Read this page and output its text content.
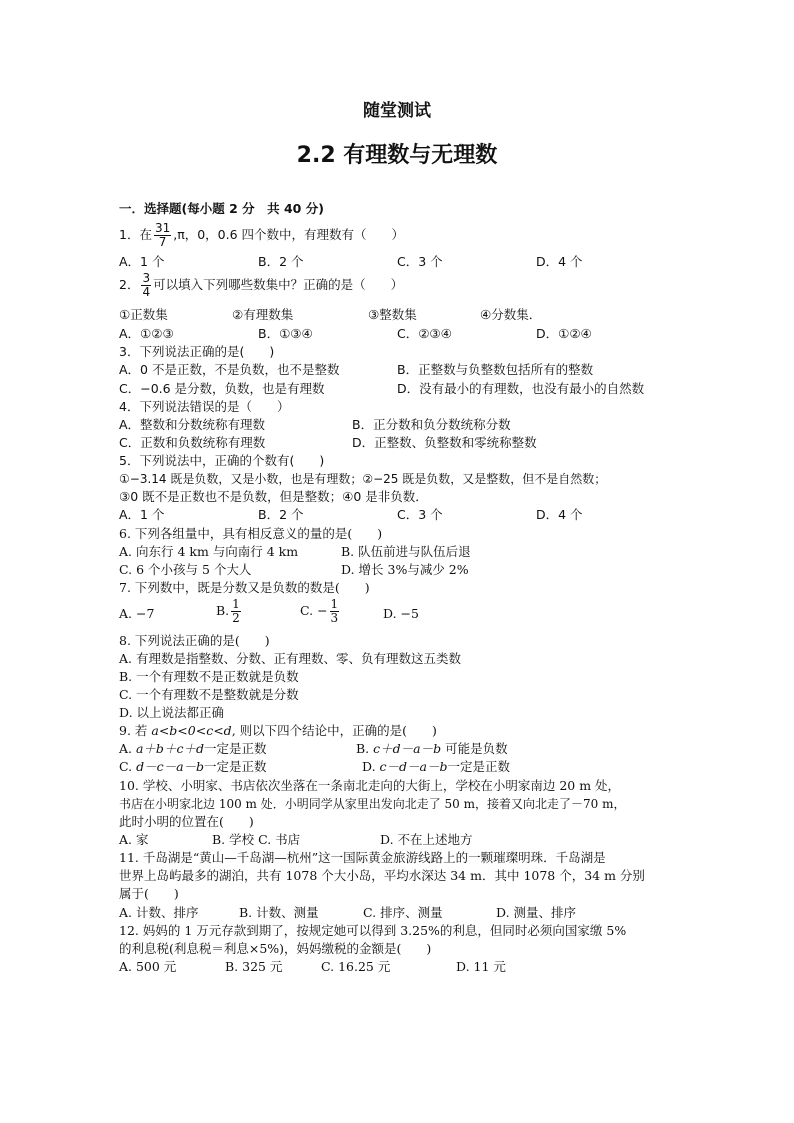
随堂测试
2.2 有理数与无理数
一．选择题(每小题 2 分　共 40 分)
1．在 $\frac{31}{7} ,\pi$，0，0.6 四个数中，有理数有（　　）
A．1 个	B．2 个	C．3 个	D．4 个
2． $\frac{3}{4}$ 可以填入下列哪些数集中？正确的是（　　）
①正数集	②有理数集	③整数集	④分数集．
A．①②③	B．①③④	C．②③④	D．①②④
3．下列说法正确的是(　　)
A．0 不是正数，不是负数，也不是整数	B．正整数与负整数包括所有的整数
C．−0.6 是分数，负数，也是有理数	D．没有最小的有理数，也没有最小的自然数
4．下列说法错误的是（　　）
A．整数和分数统称有理数	B．正分数和负分数统称分数
C．正数和负数统称有理数	D．正整数、负整数和零统称整数
5．下列说法中，正确的个数有(　　)
①−3.14 既是负数，又是小数，也是有理数；②−25 既是负数，又是整数，但不是自然数；
③0 既不是正数也不是负数，但是整数；④0 是非负数．
A．1 个	B．2 个	C．3 个	D．4 个
6. 下列各组量中，具有相反意义的量的是(　　)
A. 向东行 4 km 与向南行 4 km	B. 队伍前进与队伍后退
C. 6 个小孩与 5 个大人	D. 增长 3%与减少 2%
7. 下列数中，既是分数又是负数的数是(　　)
A. −7	B. $\frac{1}{2}$	C. − $\frac{1}{3}$	D. −5
8. 下列说法正确的是(　　)
A. 有理数是指整数、分数、正有理数、零、负有理数这五类数
B. 一个有理数不是正数就是负数
C. 一个有理数不是整数就是分数
D. 以上说法都正确
9. 若 a<b<0<c<d, 则以下四个结论中，正确的是(　　)
A. a＋b＋c＋d一定是正数	B. c＋d－a－b 可能是负数
C. d－c－a－b一定是正数	D. c－d－a－b一定是正数
10. 学校、小明家、书店依次坐落在一条南北走向的大街上，学校在小明家南边 20 m 处，
书店在小明家北边 100 m 处．小明同学从家里出发向北走了 50 m，接着又向北走了－70 m，
此时小明的位置在(　　)
A. 家	B. 学校 C. 书店	D. 不在上述地方
11. 千岛湖是“黄山—千岛湖—杭州”这一国际黄金旅游线路上的一颗璀璨明珠．千岛湖是
世界上岛屿最多的湖泊，共有 1078 个大小岛，平均水深达 34 m．其中 1078 个，34 m 分别
属于(　　)
A. 计数、排序	B. 计数、测量	C. 排序、测量	D. 测量、排序
12. 妈妈的 1 万元存款到期了，按规定她可以得到 3.25%的利息，但同时必须向国家缴 5%
的利息税(利息税＝利息×5%)，妈妈缴税的金额是(　　)
A. 500 元	B. 325 元	C. 16.25 元	D. 11 元
